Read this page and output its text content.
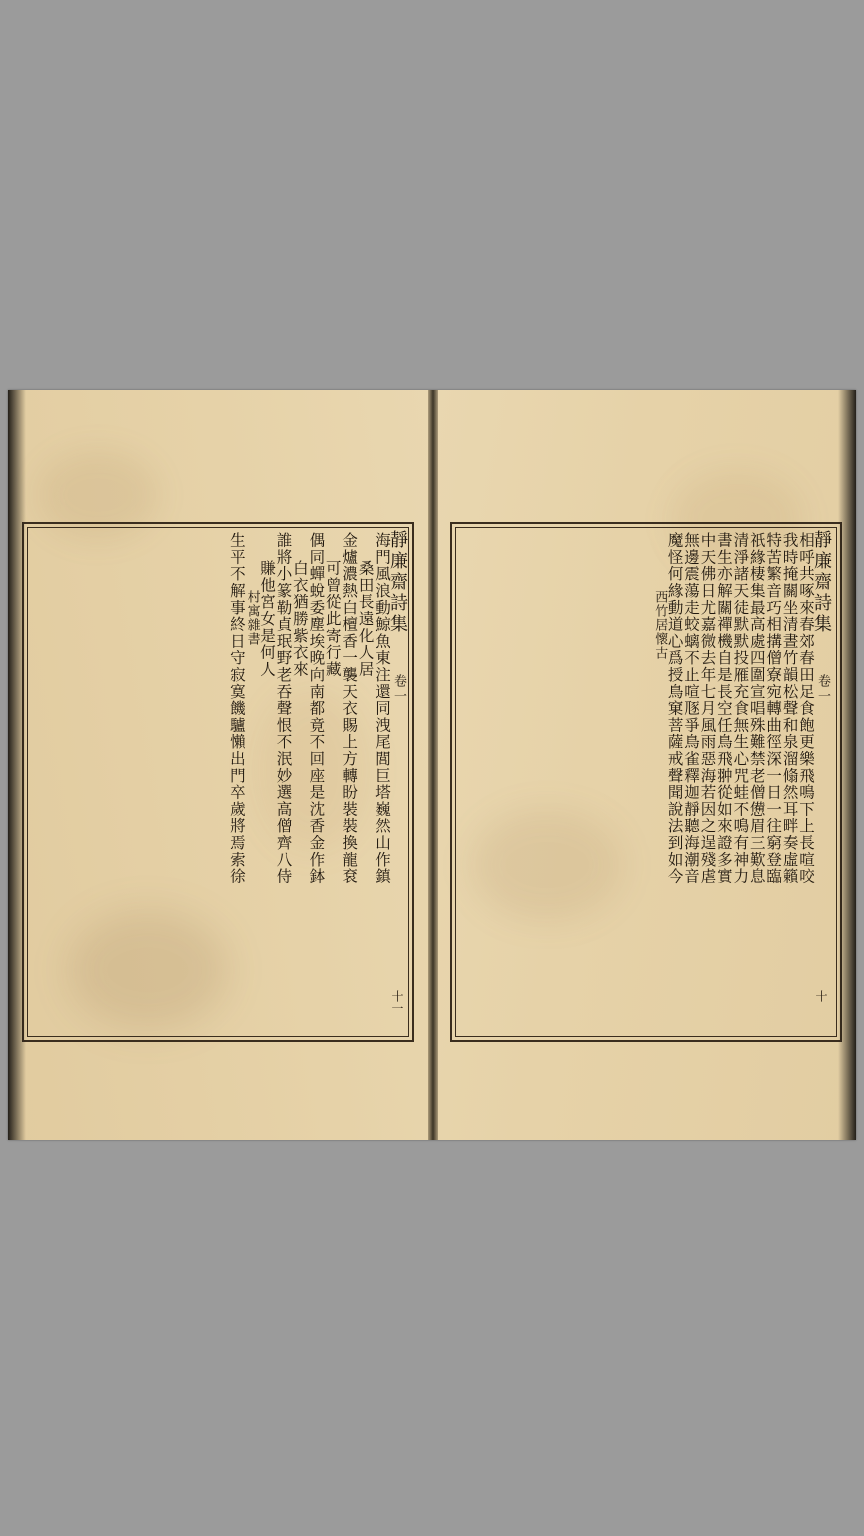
靜廉齋詩集
卷一
十一
海門風浪動鯨魚東注還同洩尾閭巨塔巍然山作鎮
桑田長遠化人居
金爐濃熱白檀香一襲天衣賜上方轉盼裝裝換龍袞
可曾從此寄行藏
偶同蟬蛻委塵埃晚向南都竟不回座是沈香金作鉢
白衣猶勝紫衣來
誰將小篆勒貞珉野老吞聲恨不泯妙選高僧齊八侍
賺他宮女是何人
村寓雜書
生平不解事終日守寂寞饑驢懶出門卒歲將焉索徐	靜廉齋詩集
卷一
十
相呼共啄來春郊春田足食飽更樂飛鳴下上長喧咬
我時掩關坐清晝竹韻松聲和泉溜翛然耳畔奏虛籟
特苦繁音巧相搆僧寮宛轉曲徑深一日一往窮登臨
祇緣棲集最高處四圍宣唱殊難禁老僧憊眉三歎息
清淨諸天徒默默投雁充食無生心咒蛙不鳴有神力
書生亦解關禪機自是長空任鳥飛翀從如來證多實
中天佛日尤嘉微去年七月風雨惡海若因之逞殘虐
無邊震蕩走蛟螭不止喧豗爭鳥雀釋迦靜聽海潮音
魔怪何緣動道心爲授鳥窠菩薩戒聲聞說法到如今
西竹居懷古
